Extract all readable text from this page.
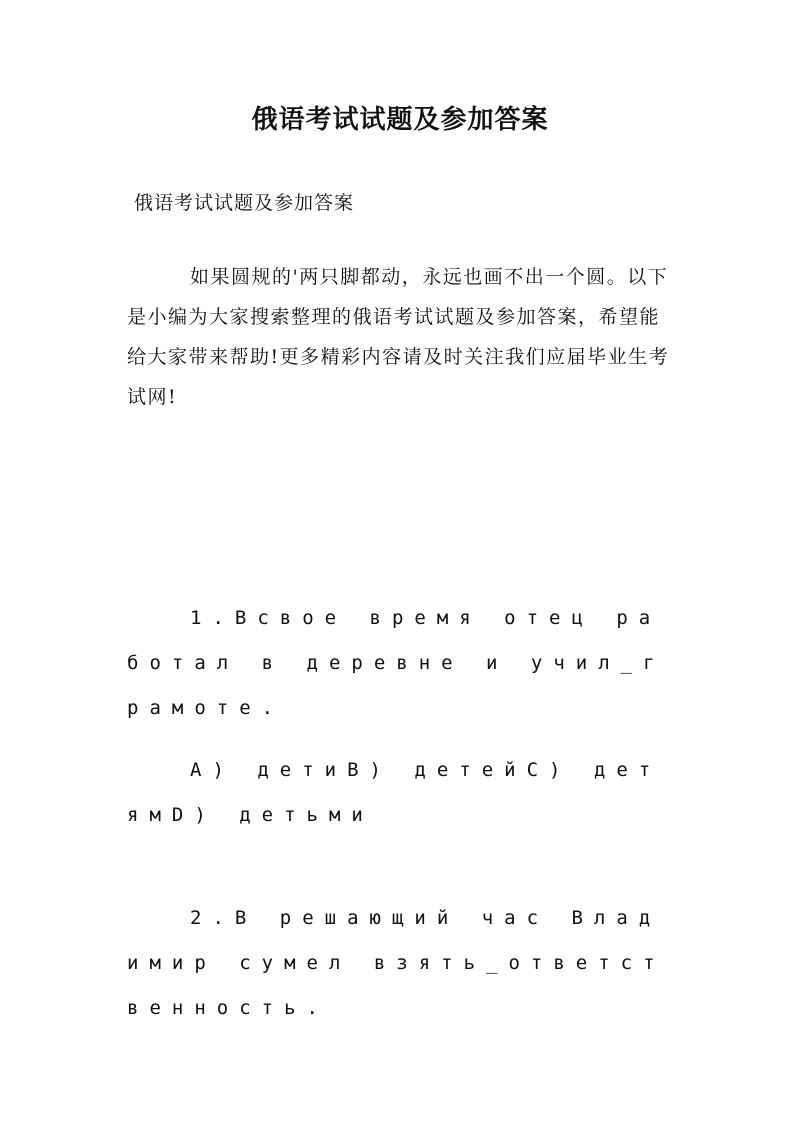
俄语考试试题及参加答案
俄语考试试题及参加答案

如果圆规的'两只脚都动，永远也画不出一个圆。以下是小编为大家搜索整理的俄语考试试题及参加答案，希望能给大家带来帮助!更多精彩内容请及时关注我们应届毕业生考试网!

1.Всвое время отец работал в деревне и учил_грамоте.

A) детиB) детейC) детямD) детьми

2.В решающий час Владимир сумел взять_ответственность.
